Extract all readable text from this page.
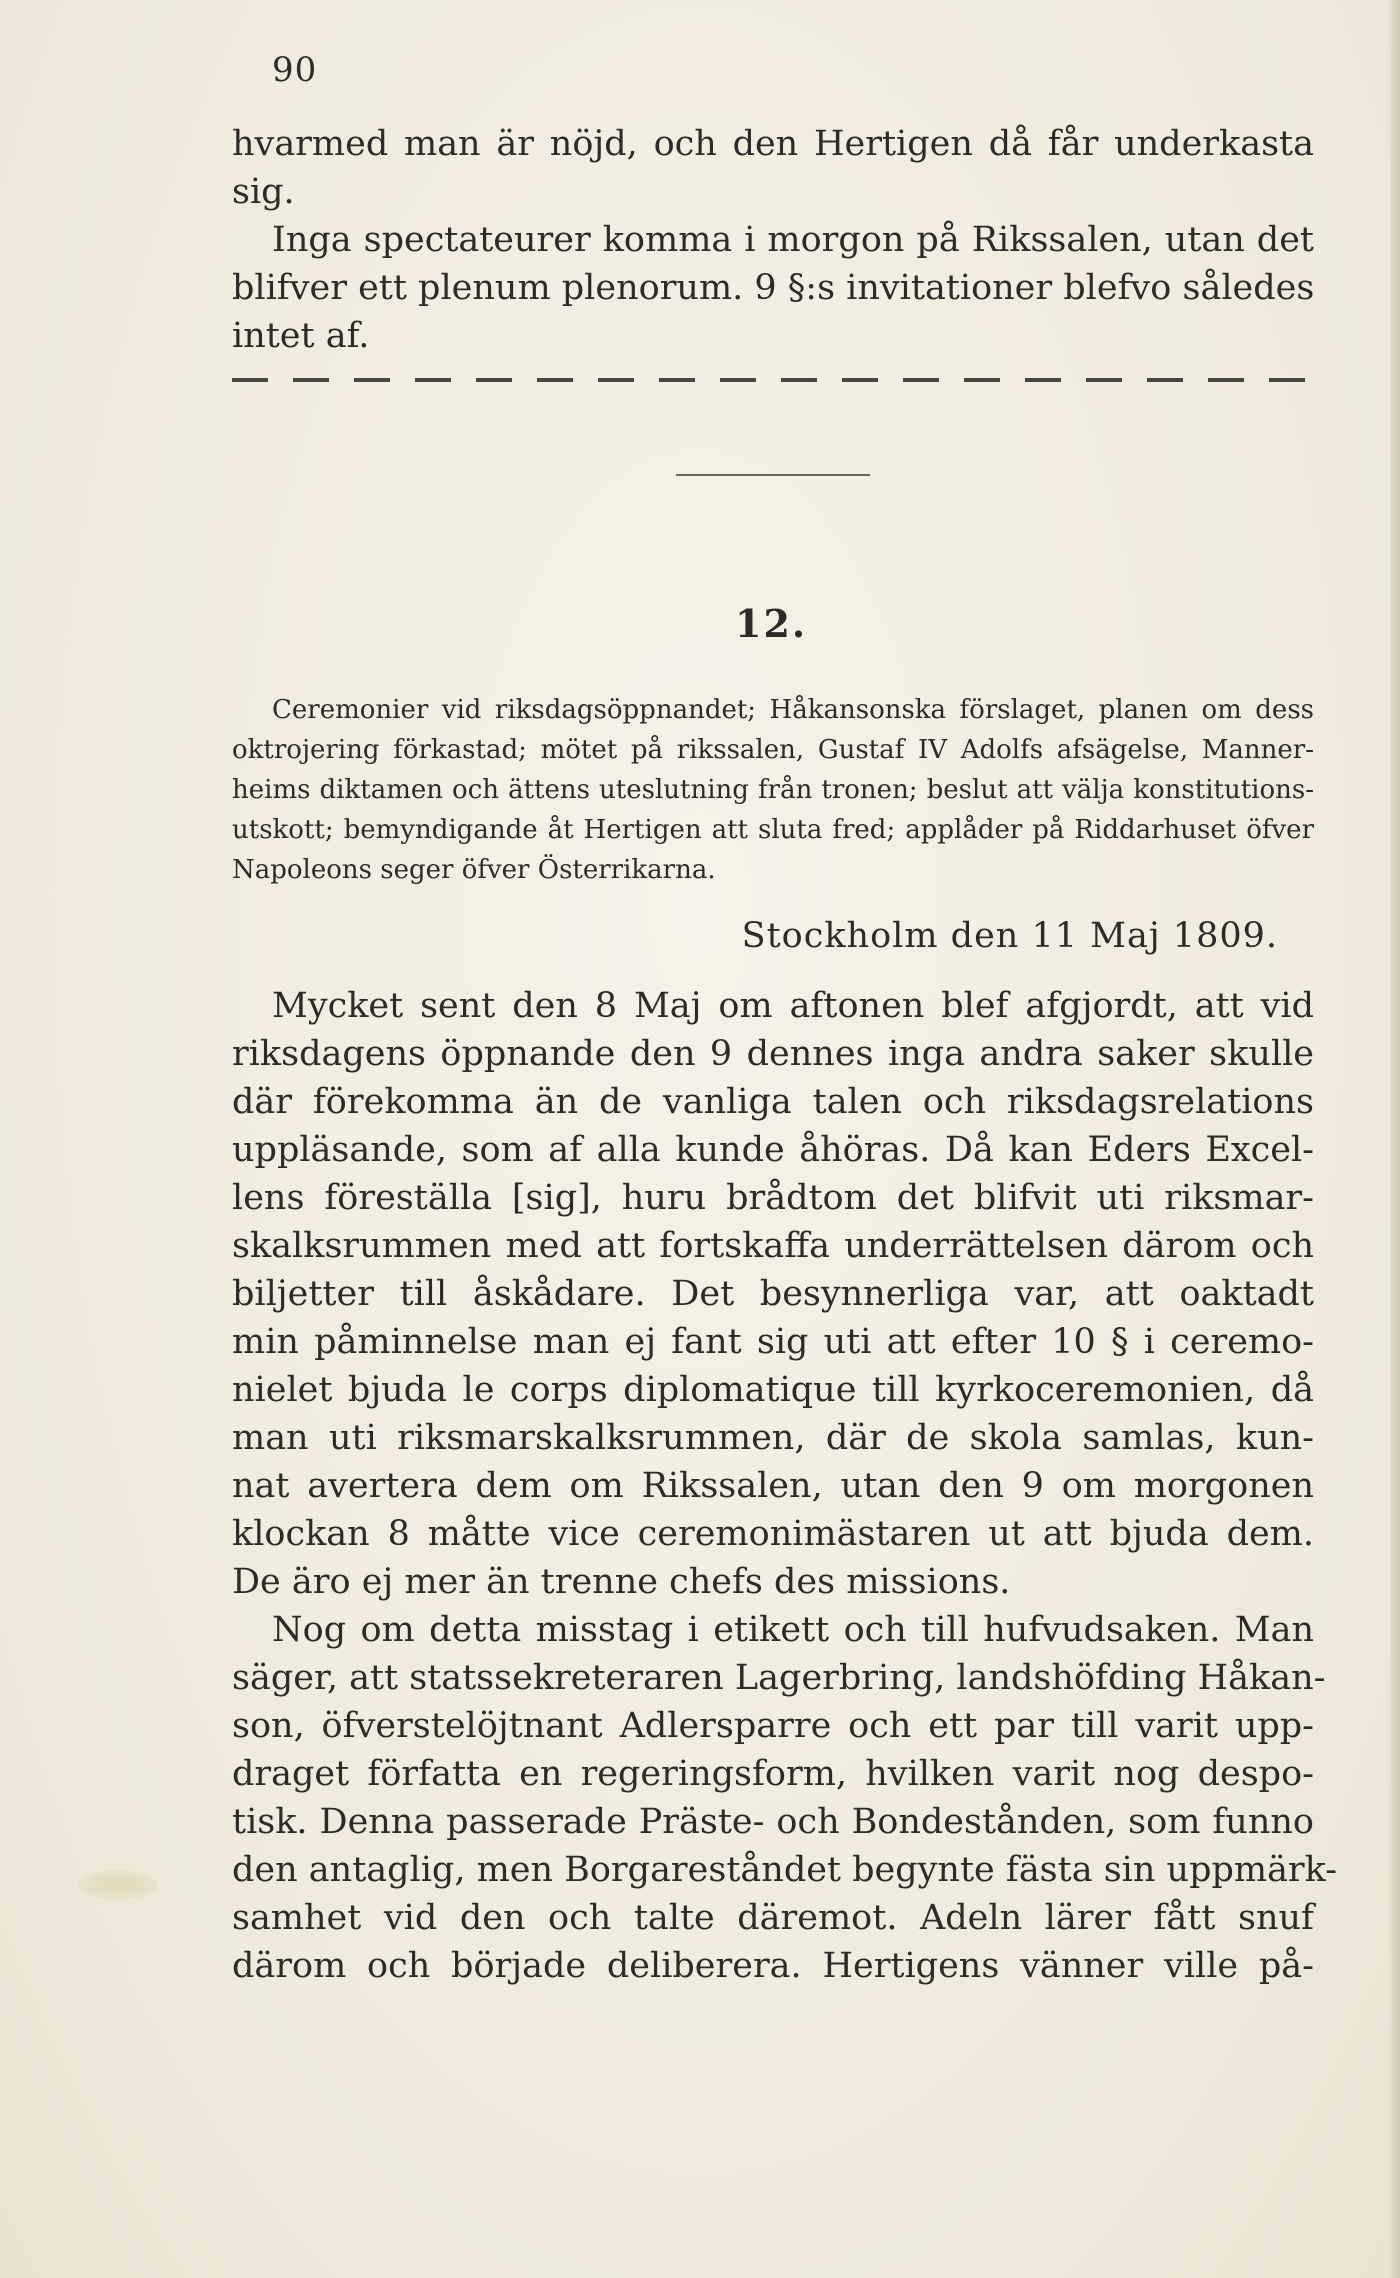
90
hvarmed man är nöjd, och den Hertigen då får underkasta
sig.
Inga spectateurer komma i morgon på Rikssalen, utan det
blifver ett plenum plenorum. 9 §:s invitationer blefvo således
intet af.
12.
Ceremonier vid riksdagsöppnandet; Håkansonska förslaget, planen om dess
oktrojering förkastad; mötet på rikssalen, Gustaf IV Adolfs afsägelse, Manner-
heims diktamen och ättens uteslutning från tronen; beslut att välja konstitutions-
utskott; bemyndigande åt Hertigen att sluta fred; applåder på Riddarhuset öfver
Napoleons seger öfver Österrikarna.
Stockholm den 11 Maj 1809.
Mycket sent den 8 Maj om aftonen blef afgjordt, att vid
riksdagens öppnande den 9 dennes inga andra saker skulle
där förekomma än de vanliga talen och riksdagsrelations
uppläsande, som af alla kunde åhöras. Då kan Eders Excel-
lens föreställa [sig], huru brådtom det blifvit uti riksmar-
skalksrummen med att fortskaffa underrättelsen därom och
biljetter till åskådare. Det besynnerliga var, att oaktadt
min påminnelse man ej fant sig uti att efter 10 § i ceremo-
nielet bjuda le corps diplomatique till kyrkoceremonien, då
man uti riksmarskalksrummen, där de skola samlas, kun-
nat avertera dem om Rikssalen, utan den 9 om morgonen
klockan 8 måtte vice ceremonimästaren ut att bjuda dem.
De äro ej mer än trenne chefs des missions.
Nog om detta misstag i etikett och till hufvudsaken. Man
säger, att statssekreteraren Lagerbring, landshöfding Håkan-
son, öfverstelöjtnant Adlersparre och ett par till varit upp-
draget författa en regeringsform, hvilken varit nog despo-
tisk. Denna passerade Präste- och Bondestånden, som funno
den antaglig, men Borgareståndet begynte fästa sin uppmärk-
samhet vid den och talte däremot. Adeln lärer fått snuf
därom och började deliberera. Hertigens vänner ville på-
